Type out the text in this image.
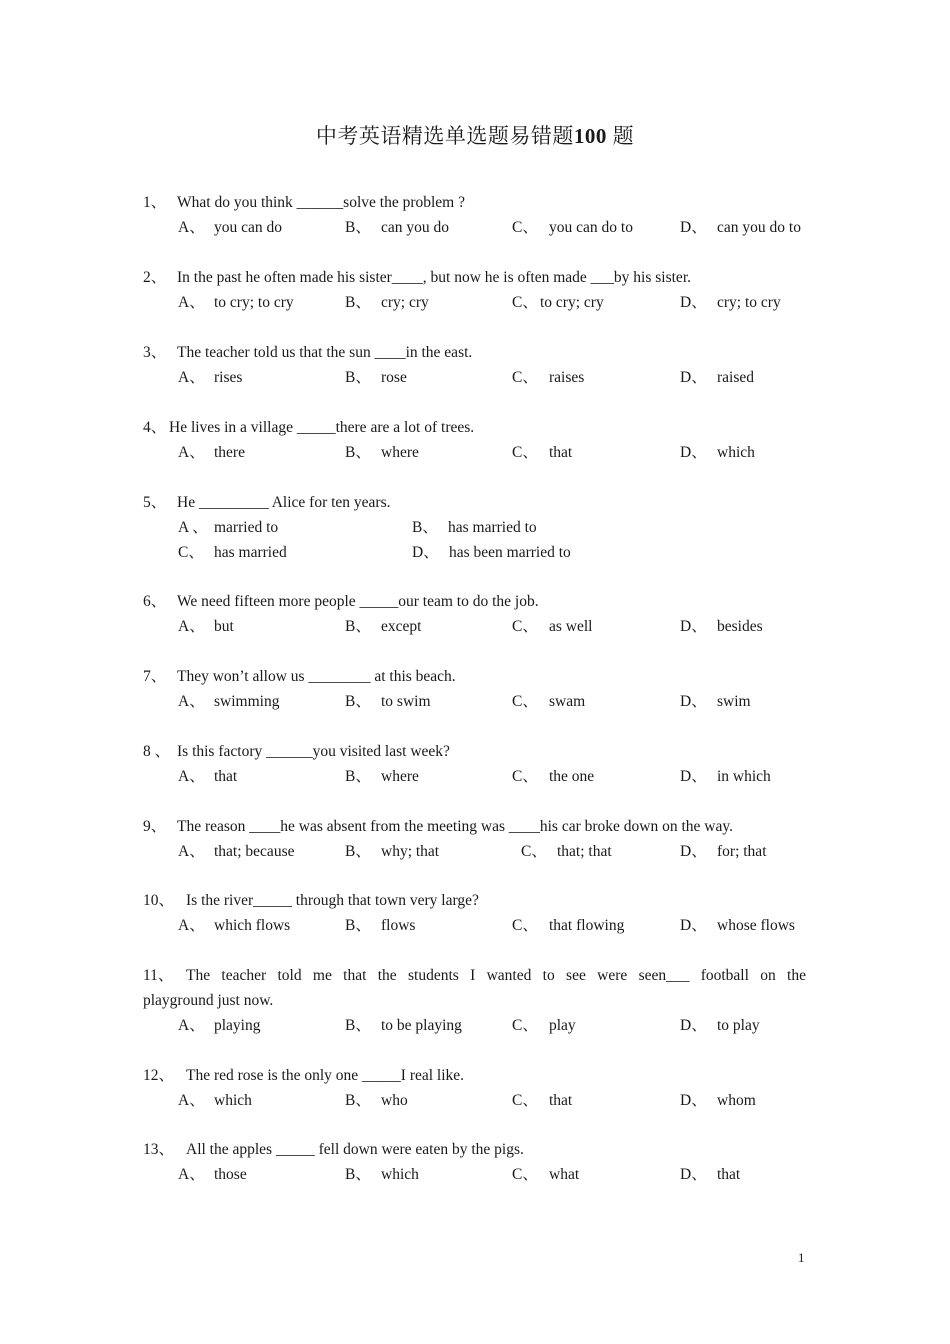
中考英语精选单选题易错题100 题
1、 What do you think ______solve the problem ?
A、 you can do	B、 can you do	C、 you can do to	D、 can you do to
2、 In the past he often made his sister____, but now he is often made ___by his sister.
A、 to cry; to cry	B、 cry; cry	C、 to cry; cry	D、 cry; to cry
3、 The teacher told us that the sun ____in the east.
A、 rises	B、 rose	C、 raises	D、 raised
4、 He lives in a village _____there are a lot of trees.
A、 there	B、 where	C、 that	D、 which
5、 He _________ Alice for ten years.
A 、 married to	B、 has married to
C、 has married	D、 has been married to
6、 We need fifteen more people _____our team to do the job.
A、 but	B、 except	C、 as well	D、 besides
7、 They won’t allow us ________ at this beach.
A、 swimming	B、 to swim	C、 swam	D、 swim
8 、 Is this factory ______you visited last week?
A、 that	B、 where	C、 the one	D、 in which
9、 The reason ____he was absent from the meeting was ____his car broke down on the way.
A、 that; because	B、 why; that	C、 that; that	D、 for; that
10、 Is the river_____ through that town very large?
A、 which flows	B、 flows	C、 that flowing	D、 whose flows
11、 The teacher told me that the students I wanted to see were seen___ football on the
playground just now.
A、 playing	B、 to be playing	C、 play	D、 to play
12、 The red rose is the only one _____I real like.
A、 which	B、 who	C、 that	D、 whom
13、 All the apples _____ fell down were eaten by the pigs.
A、 those	B、 which	C、 what	D、 that
1
